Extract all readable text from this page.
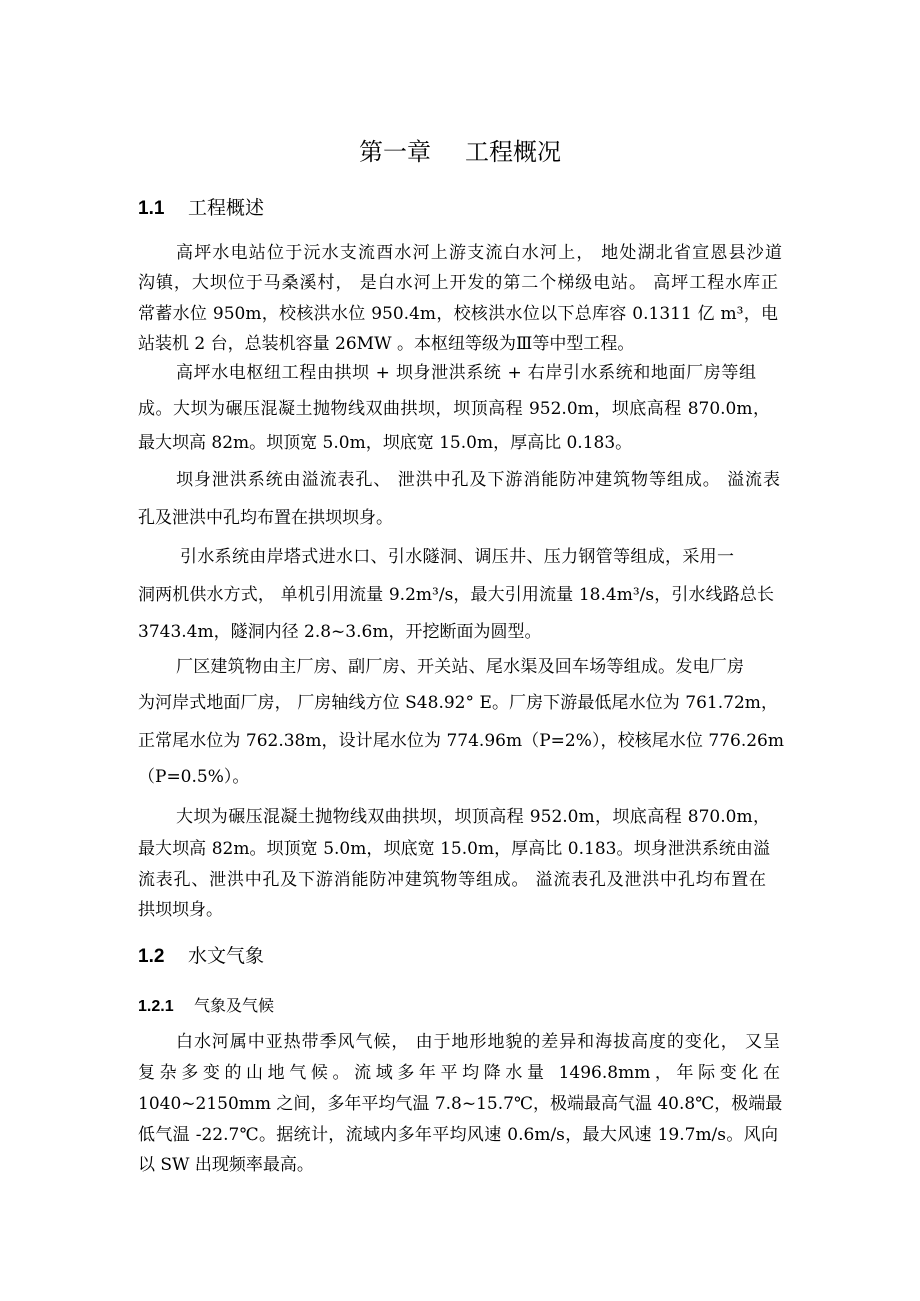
第一章 工程概况
1.1 工程概述
高坪水电站位于沅水支流酉水河上游支流白水河上， 地处湖北省宣恩县沙道
沟镇，大坝位于马桑溪村， 是白水河上开发的第二个梯级电站。 高坪工程水库正
常蓄水位 950m，校核洪水位 950.4m，校核洪水位以下总库容 0.1311 亿 m³，电
站装机 2 台，总装机容量 26MW 。本枢纽等级为Ⅲ等中型工程。
高坪水电枢纽工程由拱坝 + 坝身泄洪系统 + 右岸引水系统和地面厂房等组
成。大坝为碾压混凝土抛物线双曲拱坝，坝顶高程 952.0m，坝底高程 870.0m，
最大坝高 82m。坝顶宽 5.0m，坝底宽 15.0m，厚高比 0.183。
坝身泄洪系统由溢流表孔、 泄洪中孔及下游消能防冲建筑物等组成。 溢流表
孔及泄洪中孔均布置在拱坝坝身。
引水系统由岸塔式进水口、引水隧洞、调压井、压力钢管等组成，采用一
洞两机供水方式， 单机引用流量 9.2m³/s，最大引用流量 18.4m³/s，引水线路总长
3743.4m，隧洞内径 2.8~3.6m，开挖断面为圆型。
厂区建筑物由主厂房、副厂房、开关站、尾水渠及回车场等组成。发电厂房
为河岸式地面厂房， 厂房轴线方位 S48.92° E。厂房下游最低尾水位为 761.72m，
正常尾水位为 762.38m，设计尾水位为 774.96m（P=2%），校核尾水位 776.26m
（P=0.5%）。
大坝为碾压混凝土抛物线双曲拱坝，坝顶高程 952.0m，坝底高程 870.0m，
最大坝高 82m。坝顶宽 5.0m，坝底宽 15.0m，厚高比 0.183。坝身泄洪系统由溢
流表孔、泄洪中孔及下游消能防冲建筑物等组成。 溢流表孔及泄洪中孔均布置在
拱坝坝身。
1.2 水文气象
1.2.1 气象及气候
白水河属中亚热带季风气候， 由于地形地貌的差异和海拔高度的变化， 又呈
复杂多变的山地气候。流域多年平均降水量 1496.8mm，年际变化在
1040~2150mm 之间，多年平均气温 7.8~15.7℃，极端最高气温 40.8℃，极端最
低气温 -22.7℃。据统计，流域内多年平均风速 0.6m/s，最大风速 19.7m/s。风向
以 SW 出现频率最高。
